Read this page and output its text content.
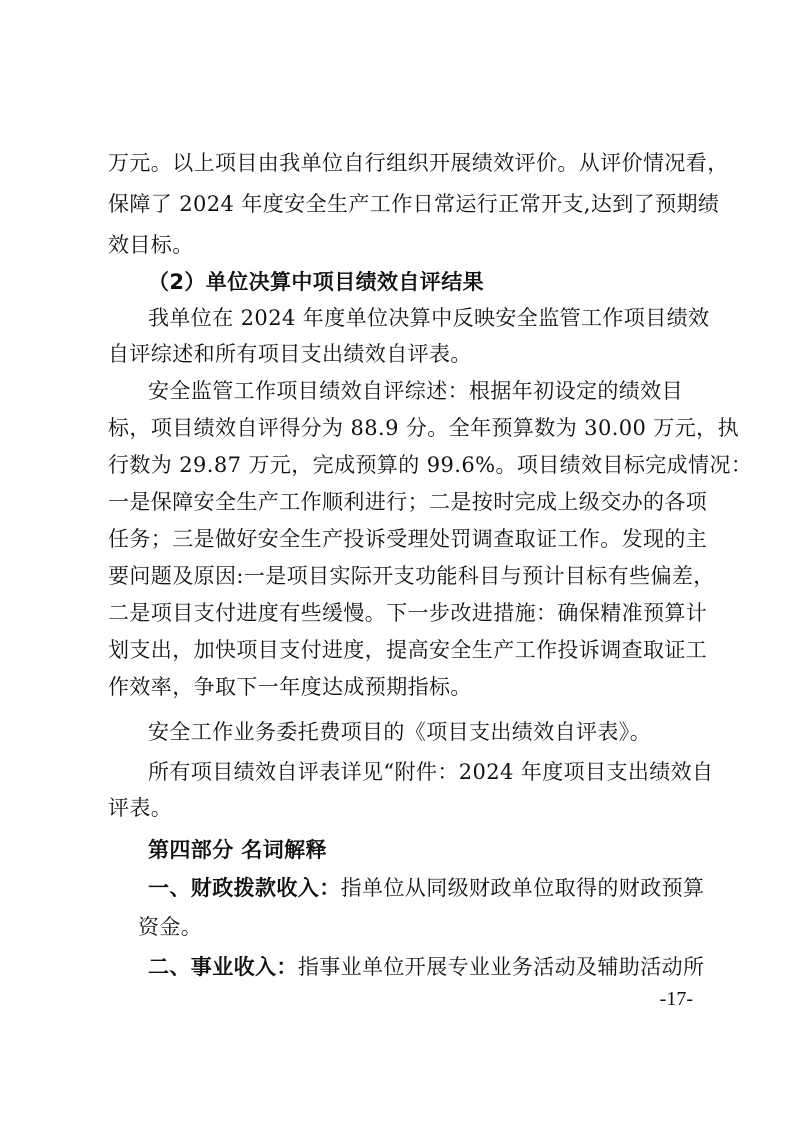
万元。以上项目由我单位自行组织开展绩效评价。从评价情况看，
保障了 2024 年度安全生产工作日常运行正常开支,达到了预期绩
效目标。
（2）单位决算中项目绩效自评结果
我单位在 2024 年度单位决算中反映安全监管工作项目绩效
自评综述和所有项目支出绩效自评表。
安全监管工作项目绩效自评综述：根据年初设定的绩效目
标，项目绩效自评得分为 88.9 分。全年预算数为 30.00 万元，执
行数为 29.87 万元，完成预算的 99.6%。项目绩效目标完成情况：
一是保障安全生产工作顺利进行；二是按时完成上级交办的各项
任务；三是做好安全生产投诉受理处罚调查取证工作。发现的主
要问题及原因:一是项目实际开支功能科目与预计目标有些偏差，
二是项目支付进度有些缓慢。下一步改进措施：确保精准预算计
划支出，加快项目支付进度，提高安全生产工作投诉调查取证工
作效率，争取下一年度达成预期指标。
安全工作业务委托费项目的《项目支出绩效自评表》。
所有项目绩效自评表详见“附件：2024 年度项目支出绩效自
评表。
第四部分 名词解释
一、财政拨款收入：指单位从同级财政单位取得的财政预算
资金。
二、事业收入：指事业单位开展专业业务活动及辅助活动所
-17-
